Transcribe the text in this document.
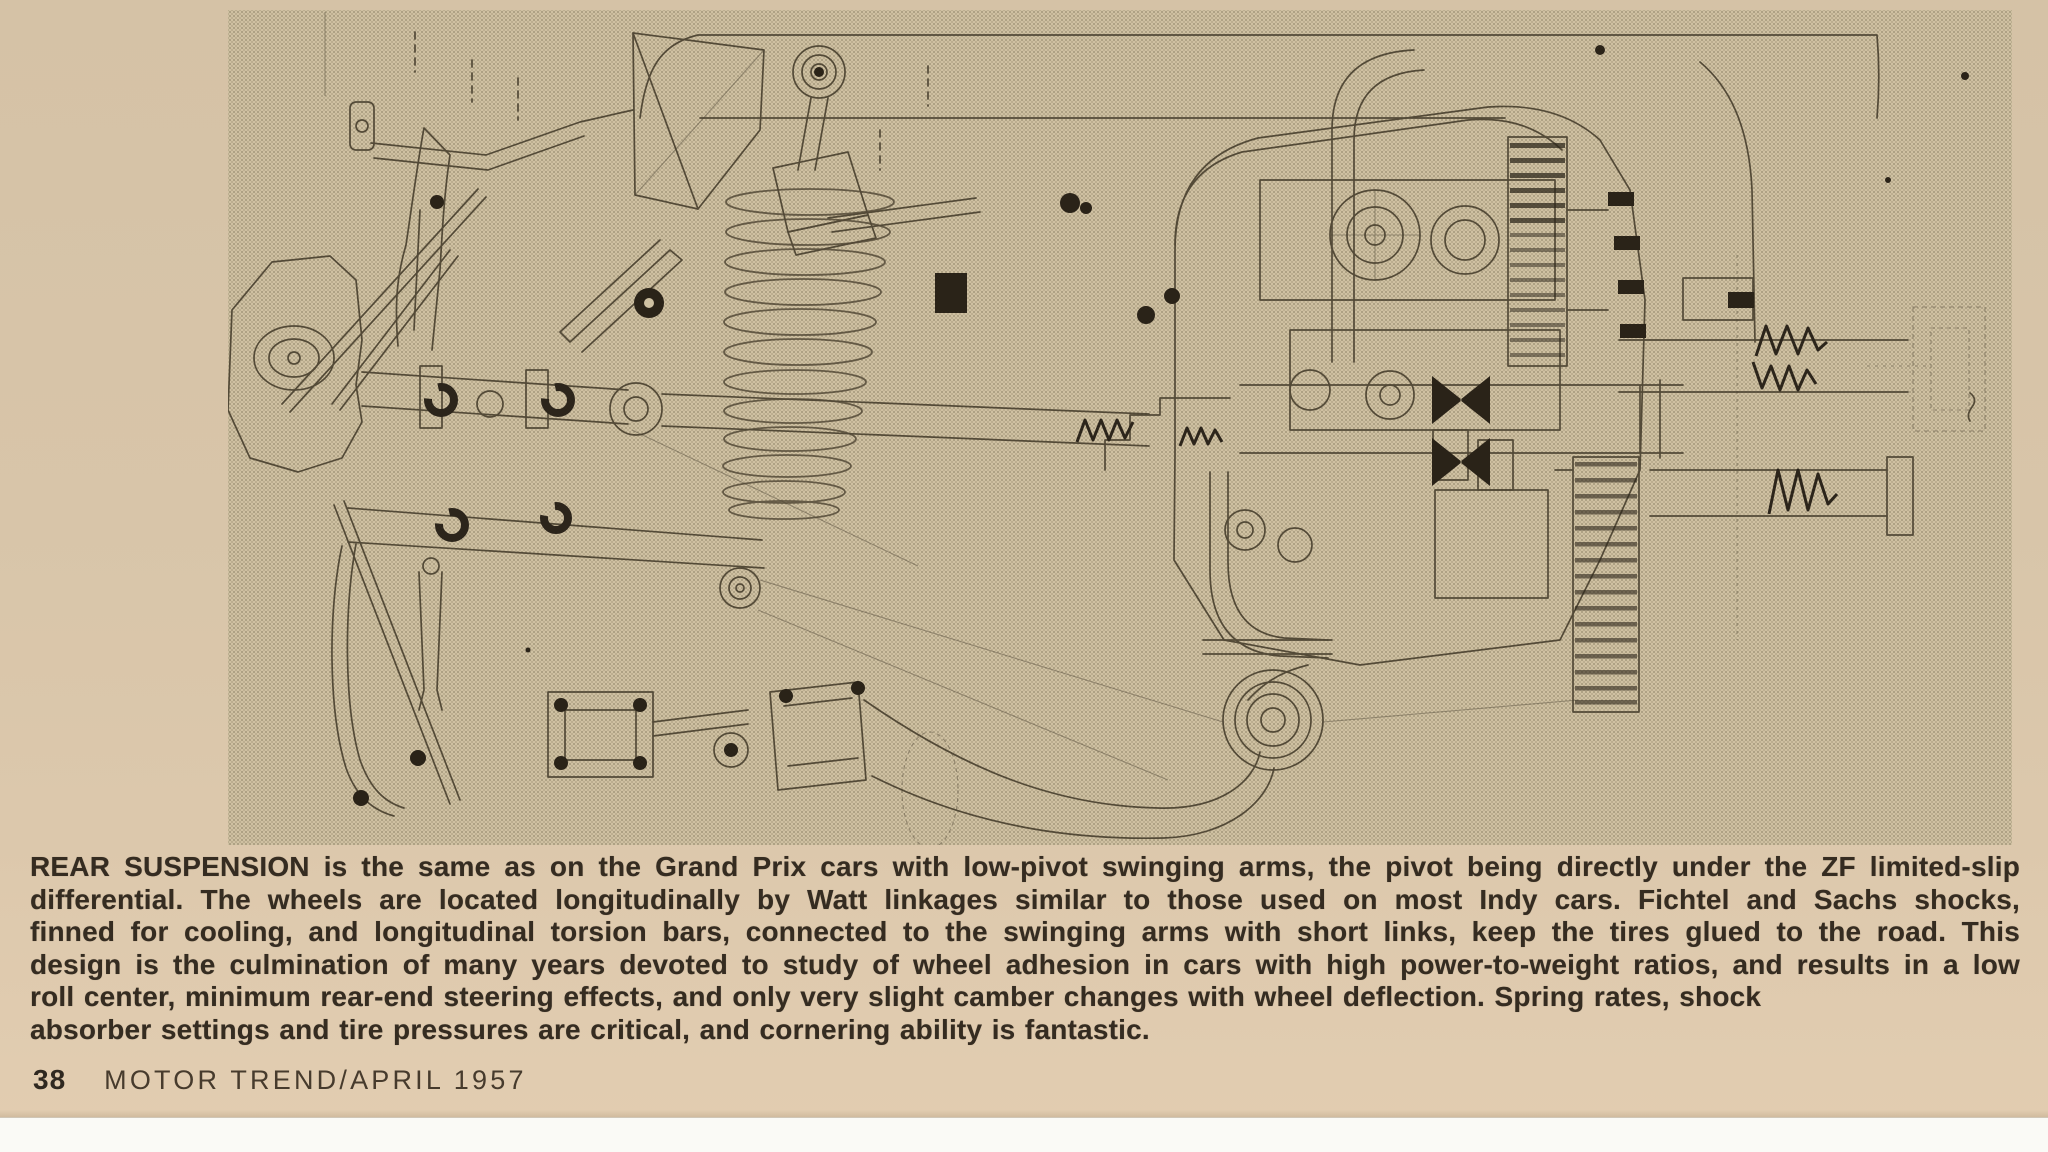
REAR SUSPENSION is the same as on the Grand Prix cars with low-pivot swinging arms, the pivot being directly under the ZF limited-slip
differential. The wheels are located longitudinally by Watt linkages similar to those used on most Indy cars. Fichtel and Sachs shocks,
finned for cooling, and longitudinal torsion bars, connected to the swinging arms with short links, keep the tires glued to the road. This
design is the culmination of many years devoted to study of wheel adhesion in cars with high power-to-weight ratios, and results in a low
roll center, minimum rear-end steering effects, and only very slight camber changes with wheel deflection. Spring rates, shock
absorber settings and tire pressures are critical, and cornering ability is fantastic.
38 MOTOR TREND/APRIL 1957
